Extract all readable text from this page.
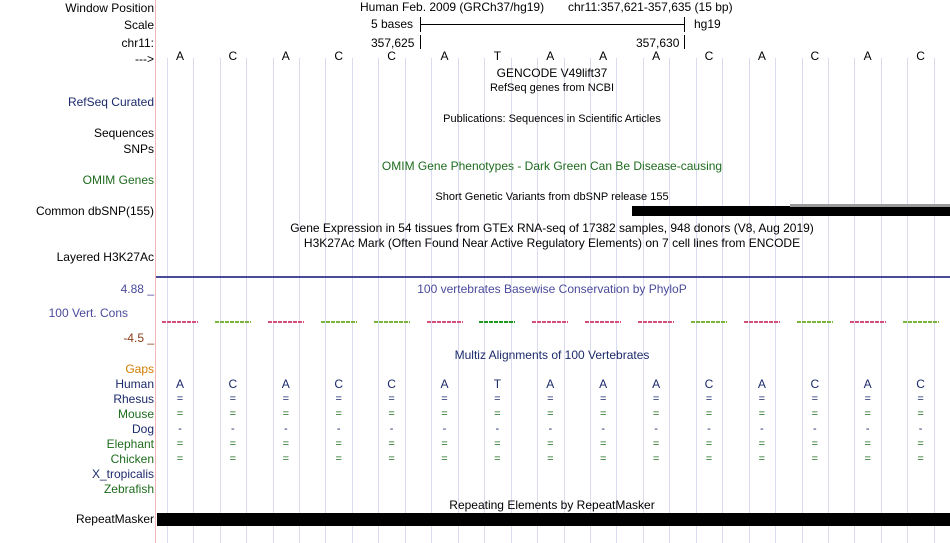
Window Position
Scale
chr11:
--->
Human Feb. 2009 (GRCh37/hg19) chr11:357,621-357,635 (15 bp)
5 bases	hg19
357,625	357,630
A	C	A	C	C	A	T	A	A	A	C	A	C	A	C
GENCODE V49lift37
RefSeq genes from NCBI
RefSeq Curated
Publications: Sequences in Scientific Articles
Sequences
SNPs
OMIM Gene Phenotypes - Dark Green Can Be Disease-causing
OMIM Genes
Short Genetic Variants from dbSNP release 155
Common dbSNP(155)
Gene Expression in 54 tissues from GTEx RNA-seq of 17382 samples, 948 donors (V8, Aug 2019)
H3K27Ac Mark (Often Found Near Active Regulatory Elements) on 7 cell lines from ENCODE
Layered H3K27Ac
4.88 _	100 vertebrates Basewise Conservation by PhyloP
100 Vert. Cons
-4.5 _
Multiz Alignments of 100 Vertebrates
Gaps
Human	A	C	A	C	C	A	T	A	A	A	C	A	C	A	C
Rhesus	=	=	=	=	=	=	=	=	=	=	=	=	=	=	=
Mouse	=	=	=	=	=	=	=	=	=	=	=	=	=	=	=
Dog	-	-	-	-	-	-	-	-	-	-	-	-	-	-	-
Elephant	=	=	=	=	=	=	=	=	=	=	=	=	=	=	=
Chicken	=	=	=	=	=	=	=	=	=	=	=	=	=	=	=
X_tropicalis
Zebrafish
Repeating Elements by RepeatMasker
RepeatMasker
